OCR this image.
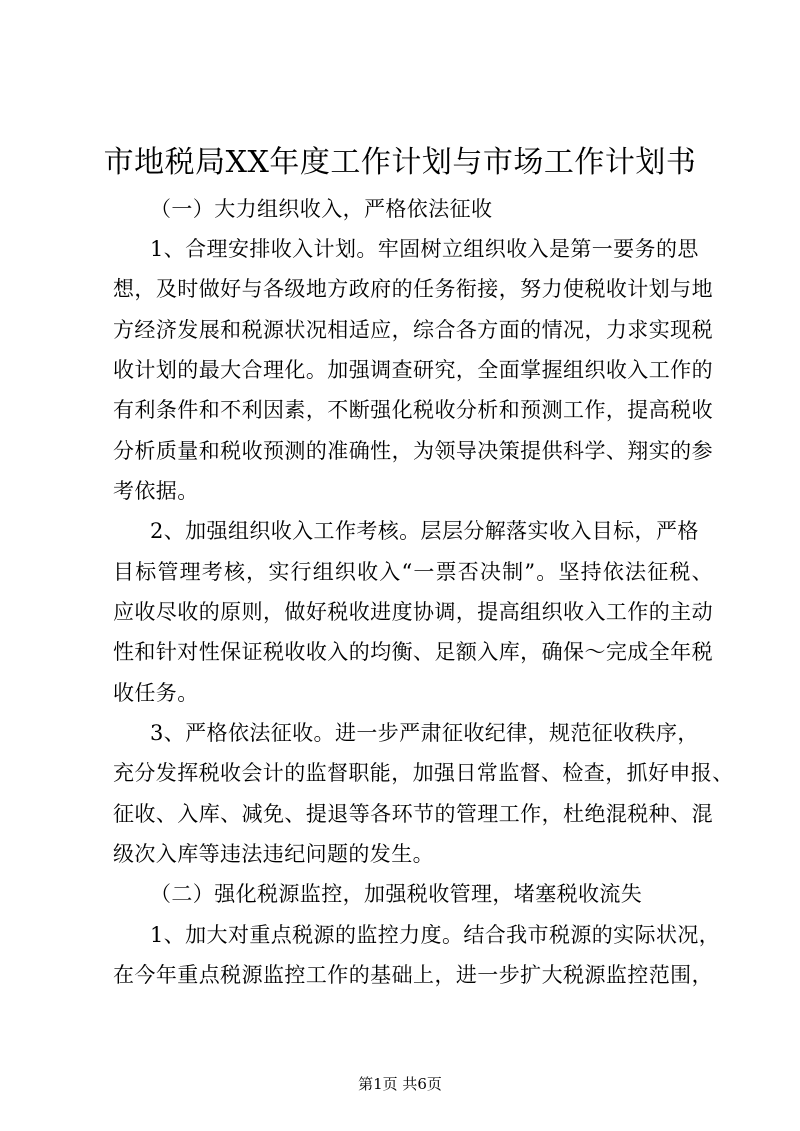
市地税局XX年度工作计划与市场工作计划书
（一）大力组织收入，严格依法征收
1、合理安排收入计划。牢固树立组织收入是第一要务的思
想，及时做好与各级地方政府的任务衔接，努力使税收计划与地
方经济发展和税源状况相适应，综合各方面的情况，力求实现税
收计划的最大合理化。加强调查研究，全面掌握组织收入工作的
有利条件和不利因素，不断强化税收分析和预测工作，提高税收
分析质量和税收预测的准确性，为领导决策提供科学、翔实的参
考依据。
2、加强组织收入工作考核。层层分解落实收入目标，严格
目标管理考核，实行组织收入“一票否决制”。坚持依法征税、
应收尽收的原则，做好税收进度协调，提高组织收入工作的主动
性和针对性保证税收收入的均衡、足额入库，确保～完成全年税
收任务。
3、严格依法征收。进一步严肃征收纪律，规范征收秩序，
充分发挥税收会计的监督职能，加强日常监督、检查，抓好申报、
征收、入库、减免、提退等各环节的管理工作，杜绝混税种、混
级次入库等违法违纪问题的发生。
（二）强化税源监控，加强税收管理，堵塞税收流失
1、加大对重点税源的监控力度。结合我市税源的实际状况，
在今年重点税源监控工作的基础上，进一步扩大税源监控范围，
第1页 共6页
